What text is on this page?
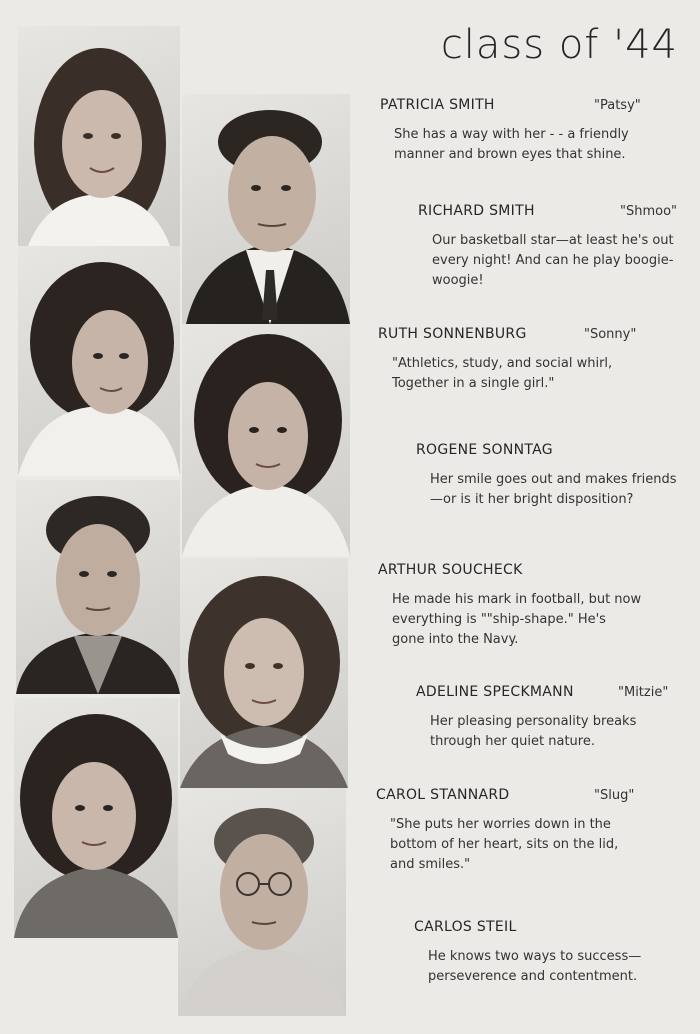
class of '44
PATRICIA SMITH	"Patsy"
She has a way with her - - a friendly
manner and brown eyes that shine.
RICHARD SMITH	"Shmoo"
Our basketball star—at least he's out
every night! And can he play boogie-
woogie!
RUTH SONNENBURG	"Sonny"
"Athletics, study, and social whirl,
Together in a single girl."
ROGENE SONNTAG
Her smile goes out and makes friends
—or is it her bright disposition?
ARTHUR SOUCHECK
He made his mark in football, but now
everything is ""ship-shape." He's
gone into the Navy.
ADELINE SPECKMANN	"Mitzie"
Her pleasing personality breaks
through her quiet nature.
CAROL STANNARD	"Slug"
"She puts her worries down in the
bottom of her heart, sits on the lid,
and smiles."
CARLOS STEIL
He knows two ways to success—
perseverence and contentment.
